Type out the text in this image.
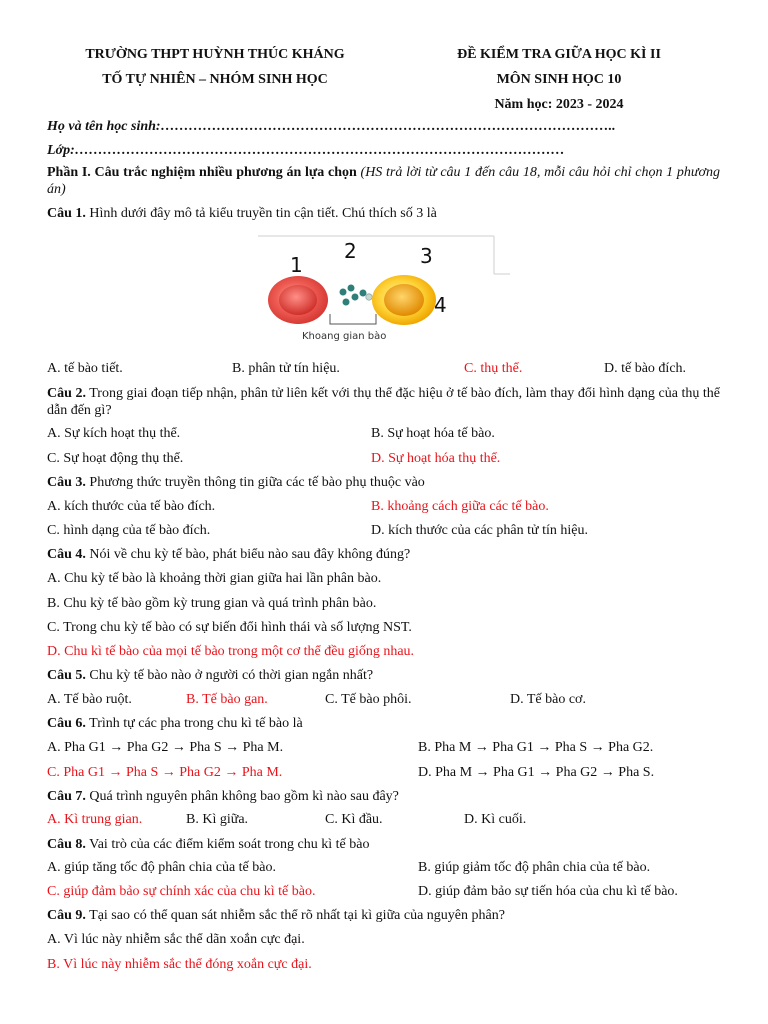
TRƯỜNG THPT HUỲNH THÚC KHÁNG
TỐ TỰ NHIÊN – NHÓM SINH HỌC
ĐỀ KIỂM TRA GIỮA HỌC KÌ II
MÔN SINH HỌC 10
Năm học: 2023 - 2024
Họ và tên học sinh:……………………………………………………………………………………..
Lớp:……………………………………………………………………………………………
Phần I. Câu trắc nghiệm nhiều phương án lựa chọn (HS trả lời từ câu 1 đến câu 18, mỗi câu hỏi chỉ chọn 1 phương án)
Câu 1. Hình dưới đây mô tả kiểu truyền tin cận tiết. Chú thích số 3 là
1
2	3
4
Khoang gian bào
A. tế bào tiết.	B. phân tử tín hiệu.	C. thụ thể.	D. tế bào đích.
Câu 2. Trong giai đoạn tiếp nhận, phân tử liên kết với thụ thể đặc hiệu ở tế bào đích, làm thay đổi hình dạng của thụ thể dẫn đến gì?
A. Sự kích hoạt thụ thể.	B. Sự hoạt hóa tế bào.
C. Sự hoạt động thụ thể.	D. Sự hoạt hóa thụ thể.
Câu 3. Phương thức truyền thông tin giữa các tế bào phụ thuộc vào
A. kích thước của tế bào đích.	B. khoảng cách giữa các tế bào.
C. hình dạng của tế bào đích.	D. kích thước của các phân tử tín hiệu.
Câu 4. Nói về chu kỳ tế bào, phát biểu nào sau đây không đúng?
A. Chu kỳ tế bào là khoảng thời gian giữa hai lần phân bào.
B. Chu kỳ tế bào gồm kỳ trung gian và quá trình phân bào.
C. Trong chu kỳ tế bào có sự biến đổi hình thái và số lượng NST.
D. Chu kì tế bào của mọi tế bào trong một cơ thể đều giống nhau.
Câu 5. Chu kỳ tế bào nào ở người có thời gian ngắn nhất?
A. Tế bào ruột.	B. Tế bào gan.	C. Tế bào phôi.	D. Tế bào cơ.
Câu 6. Trình tự các pha trong chu kì tế bào là
A. Pha G1 → Pha G2 → Pha S → Pha M.	B. Pha M → Pha G1 → Pha S → Pha G2.
C. Pha G1 → Pha S → Pha G2 → Pha M.	D. Pha M → Pha G1 → Pha G2 → Pha S.
Câu 7. Quá trình nguyên phân không bao gồm kì nào sau đây?
A. Kì trung gian.	B. Kì giữa.	C. Kì đầu.	D. Kì cuối.
Câu 8. Vai trò của các điểm kiểm soát trong chu kì tế bào
A. giúp tăng tốc độ phân chia của tế bào.	B. giúp giảm tốc độ phân chia của tế bào.
C. giúp đảm bảo sự chính xác của chu kì tế bào.	D. giúp đảm bảo sự tiến hóa của chu kì tế bào.
Câu 9. Tại sao có thể quan sát nhiễm sắc thể rõ nhất tại kì giữa của nguyên phân?
A. Vì lúc này nhiễm sắc thể dãn xoắn cực đại.
B. Vì lúc này nhiễm sắc thể đóng xoắn cực đại.
